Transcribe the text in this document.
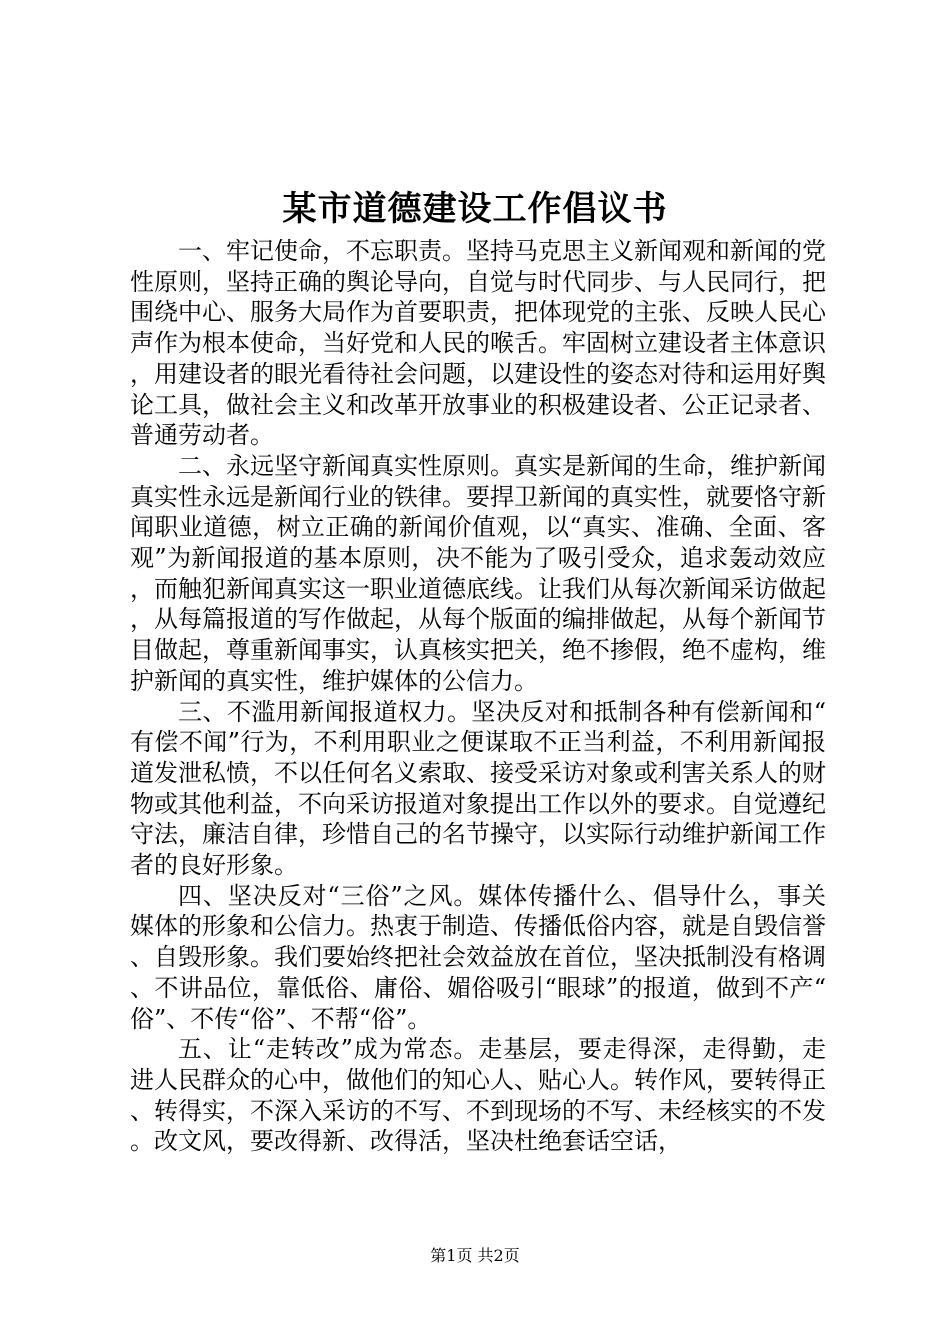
某市道德建设工作倡议书

一、牢记使命，不忘职责。坚持马克思主义新闻观和新闻的党性原则，坚持正确的舆论导向，自觉与时代同步、与人民同行，把围绕中心、服务大局作为首要职责，把体现党的主张、反映人民心声作为根本使命，当好党和人民的喉舌。牢固树立建设者主体意识，用建设者的眼光看待社会问题，以建设性的姿态对待和运用好舆论工具，做社会主义和改革开放事业的积极建设者、公正记录者、普通劳动者。

二、永远坚守新闻真实性原则。真实是新闻的生命，维护新闻真实性永远是新闻行业的铁律。要捍卫新闻的真实性，就要恪守新闻职业道德，树立正确的新闻价值观，以“真实、准确、全面、客观”为新闻报道的基本原则，决不能为了吸引受众，追求轰动效应，而触犯新闻真实这一职业道德底线。让我们从每次新闻采访做起，从每篇报道的写作做起，从每个版面的编排做起，从每个新闻节目做起，尊重新闻事实，认真核实把关，绝不掺假，绝不虚构，维护新闻的真实性，维护媒体的公信力。

三、不滥用新闻报道权力。坚决反对和抵制各种有偿新闻和“有偿不闻”行为，不利用职业之便谋取不正当利益，不利用新闻报道发泄私愤，不以任何名义索取、接受采访对象或利害关系人的财物或其他利益，不向采访报道对象提出工作以外的要求。自觉遵纪守法，廉洁自律，珍惜自己的名节操守，以实际行动维护新闻工作者的良好形象。

四、坚决反对“三俗”之风。媒体传播什么、倡导什么，事关媒体的形象和公信力。热衷于制造、传播低俗内容，就是自毁信誉、自毁形象。我们要始终把社会效益放在首位，坚决抵制没有格调、不讲品位，靠低俗、庸俗、媚俗吸引“眼球”的报道，做到不产“俗”、不传“俗”、不帮“俗”。

五、让“走转改”成为常态。走基层，要走得深，走得勤，走进人民群众的心中，做他们的知心人、贴心人。转作风，要转得正、转得实，不深入采访的不写、不到现场的不写、未经核实的不发。改文风，要改得新、改得活，坚决杜绝套话空话，

第1页 共2页
